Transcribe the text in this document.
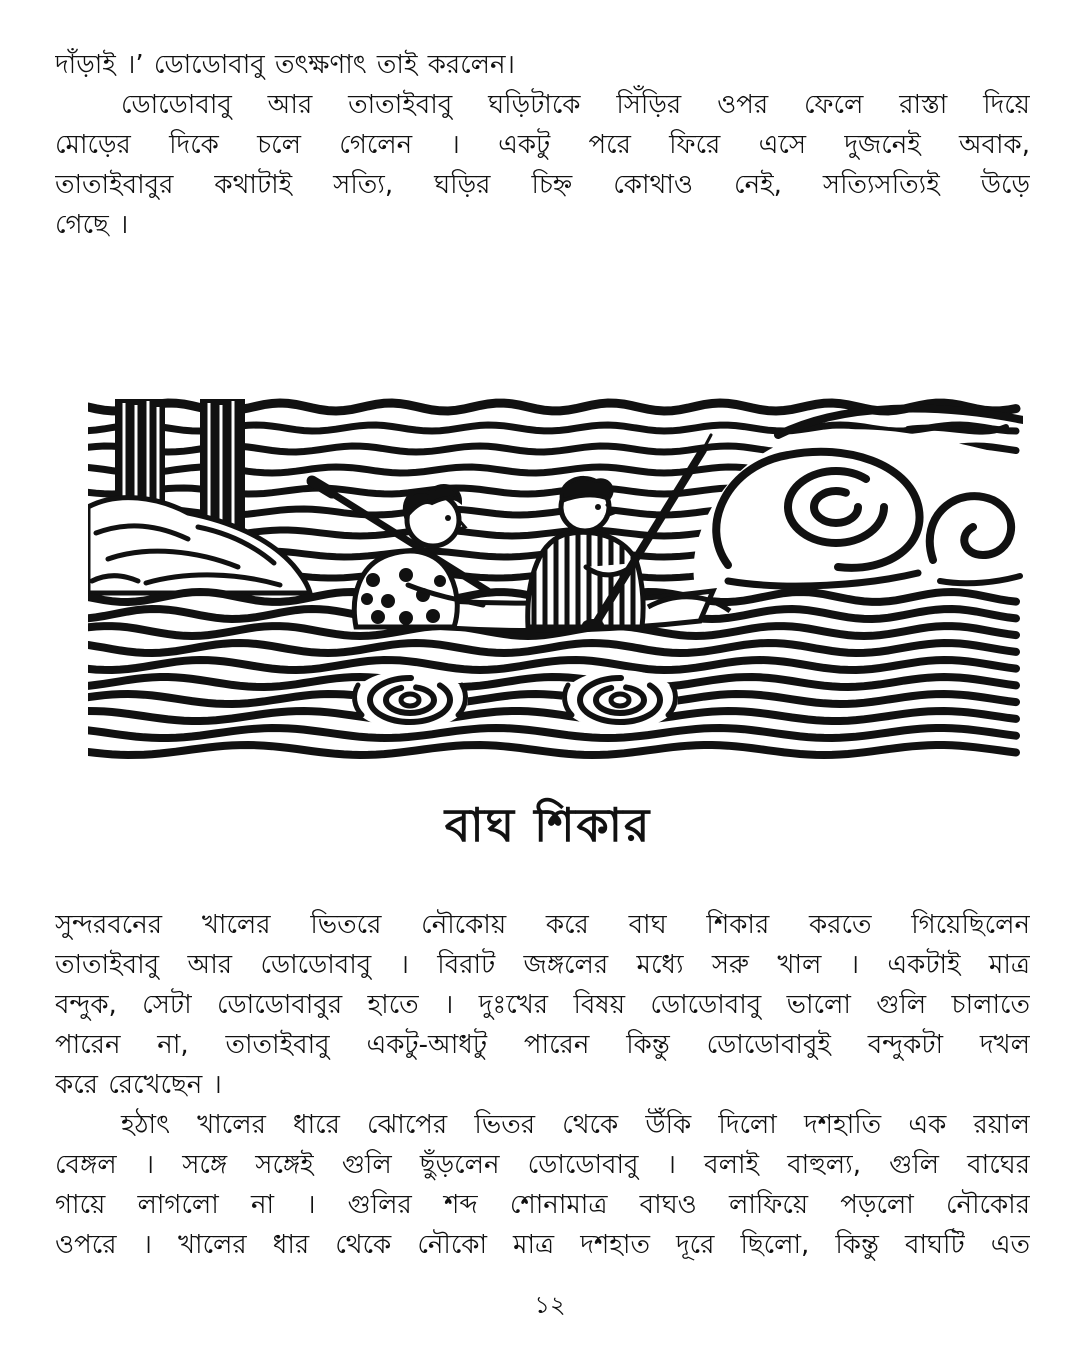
দাঁড়াই ।’ ডোডোবাবু তৎক্ষণাৎ তাই করলেন।
ডোডোবাবু আর তাতাইবাবু ঘড়িটাকে সিঁড়ির ওপর ফেলে রাস্তা দিয়ে
মোড়ের দিকে চলে গেলেন । একটু পরে ফিরে এসে দুজনেই অবাক,
তাতাইবাবুর কথাটাই সত্যি, ঘড়ির চিহ্ন কোথাও নেই, সত্যিসত্যিই উড়ে
গেছে ।
বাঘ শিকার
সুন্দরবনের খালের ভিতরে নৌকোয় করে বাঘ শিকার করতে গিয়েছিলেন
তাতাইবাবু আর ডোডোবাবু । বিরাট জঙ্গলের মধ্যে সরু খাল । একটাই মাত্র
বন্দুক, সেটা ডোডোবাবুর হাতে । দুঃখের বিষয় ডোডোবাবু ভালো গুলি চালাতে
পারেন না, তাতাইবাবু একটু-আধটু পারেন কিন্তু ডোডোবাবুই বন্দুকটা দখল
করে রেখেছেন ।
হঠাৎ খালের ধারে ঝোপের ভিতর থেকে উঁকি দিলো দশহাতি এক রয়াল
বেঙ্গল । সঙ্গে সঙ্গেই গুলি ছুঁড়লেন ডোডোবাবু । বলাই বাহুল্য, গুলি বাঘের
গায়ে লাগলো না । গুলির শব্দ শোনামাত্র বাঘও লাফিয়ে পড়লো নৌকোর
ওপরে । খালের ধার থেকে নৌকো মাত্র দশহাত দূরে ছিলো, কিন্তু বাঘটি এত
১২
